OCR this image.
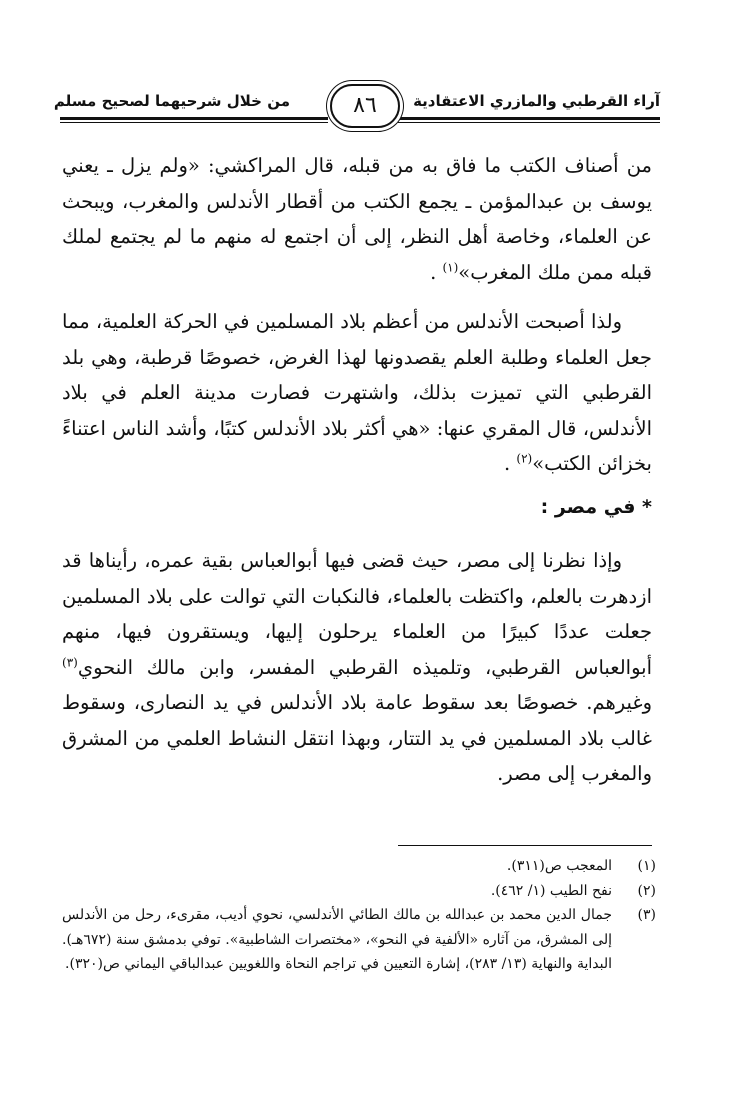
آراء القرطبي والمازري الاعتقادية
٨٦
من خلال شرحيهما لصحيح مسلم

من أصناف الكتب ما فاق به من قبله، قال المراكشي: «ولم يزل ـ يعني يوسف بن عبدالمؤمن ـ يجمع الكتب من أقطار الأندلس والمغرب، ويبحث عن العلماء، وخاصة أهل النظر، إلى أن اجتمع له منهم ما لم يجتمع لملك قبله ممن ملك المغرب»$^{(١)}$ .

ولذا أصبحت الأندلس من أعظم بلاد المسلمين في الحركة العلمية، مما جعل العلماء وطلبة العلم يقصدونها لهذا الغرض، خصوصًا قرطبة، وهي بلد القرطبي التي تميزت بذلك، واشتهرت فصارت مدينة العلم في بلاد الأندلس، قال المقري عنها: «هي أكثر بلاد الأندلس كتبًا، وأشد الناس اعتناءً بخزائن الكتب»$^{(٢)}$ .

* في مصر :

وإذا نظرنا إلى مصر، حيث قضى فيها أبوالعباس بقية عمره، رأيناها قد ازدهرت بالعلم، واكتظت بالعلماء، فالنكبات التي توالت على بلاد المسلمين جعلت عددًا كبيرًا من العلماء يرحلون إليها، ويستقرون فيها، منهم أبوالعباس القرطبي، وتلميذه القرطبي المفسر، وابن مالك النحوي$^{(٣)}$ وغيرهم. خصوصًا بعد سقوط عامة بلاد الأندلس في يد النصارى، وسقوط غالب بلاد المسلمين في يد التتار، وبهذا انتقل النشاط العلمي من المشرق والمغرب إلى مصر.

(١)
المعجب ص(٣١١).
(٢)
نفح الطيب (١/ ٤٦٢).
(٣)
جمال الدين محمد بن عبدالله بن مالك الطائي الأندلسي، نحوي أديب، مقرىء، رحل من الأندلس إلى المشرق، من آثاره «الألفية في النحو»، «مختصرات الشاطبية». توفي بدمشق سنة (٦٧٢هـ). البداية والنهاية (١٣/ ٢٨٣)، إشارة التعيين في تراجم النحاة واللغويين عبدالباقي اليماني ص(٣٢٠).
